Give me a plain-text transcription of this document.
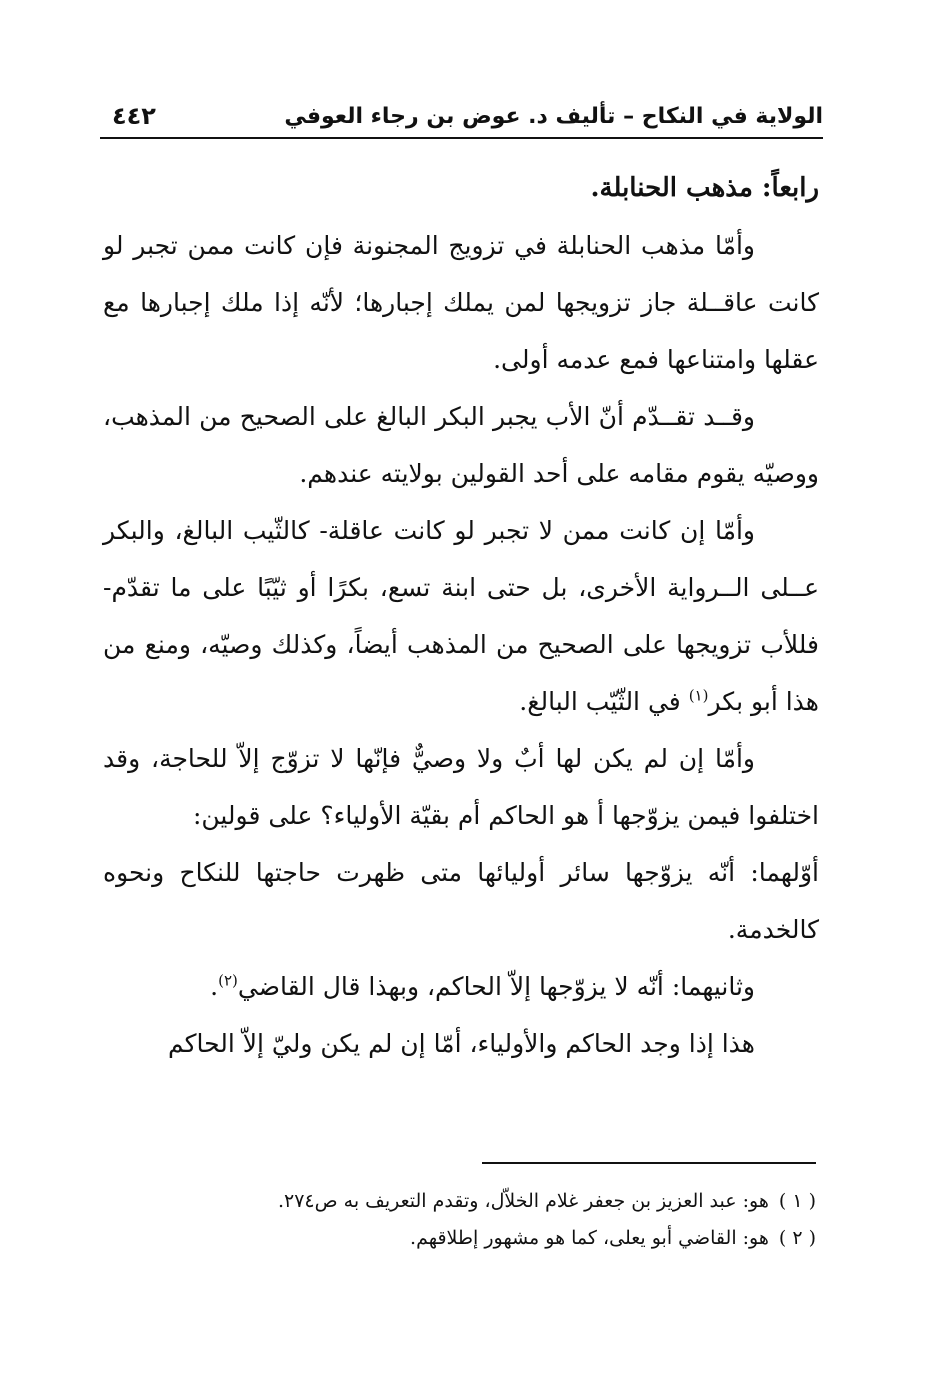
الولاية في النكاح – تأليف د. عوض بن رجاء العوفي
٤٤٢

رابعاً: مذهب الحنابلة.

وأمّا مذهب الحنابلة في تزويج المجنونة فإن كانت ممن تجبر لو كانت عاقــلة جاز تزويجها لمن يملك إجبارها؛ لأنّه إذا ملك إجبارها مع عقلها وامتناعها فمع عدمه أولى.

وقــد تقــدّم أنّ الأب يجبر البكر البالغ على الصحيح من المذهب، ووصيّه يقوم مقامه على أحد القولين بولايته عندهم.

وأمّا إن كانت ممن لا تجبر لو كانت عاقلة- كالثّيب البالغ، والبكر عــلى الــرواية الأخرى، بل حتى ابنة تسع، بكرًا أو ثيّبًا على ما تقدّم- فللأب تزويجها على الصحيح من المذهب أيضاً، وكذلك وصيّه، ومنع من هذا أبو بكر$^{(١)}$ في الثّيّب البالغ.

وأمّا إن لم يكن لها أبٌ ولا وصيٌّ فإنّها لا تزوّج إلاّ للحاجة، وقد اختلفوا فيمن يزوّجها أ هو الحاكم أم بقيّة الأولياء؟ على قولين:

أوّلهما: أنّه يزوّجها سائر أوليائها متى ظهرت حاجتها للنكاح ونحوه كالخدمة.

وثانيهما: أنّه لا يزوّجها إلاّ الحاكم، وبهذا قال القاضي$^{(٢)}$.

هذا إذا وجد الحاكم والأولياء، أمّا إن لم يكن وليّ إلاّ الحاكم

( ١ )هو: عبد العزيز بن جعفر غلام الخلاّل، وتقدم التعريف به ص٢٧٤.

( ٢ )هو: القاضي أبو يعلى، كما هو مشهور إطلاقهم.
